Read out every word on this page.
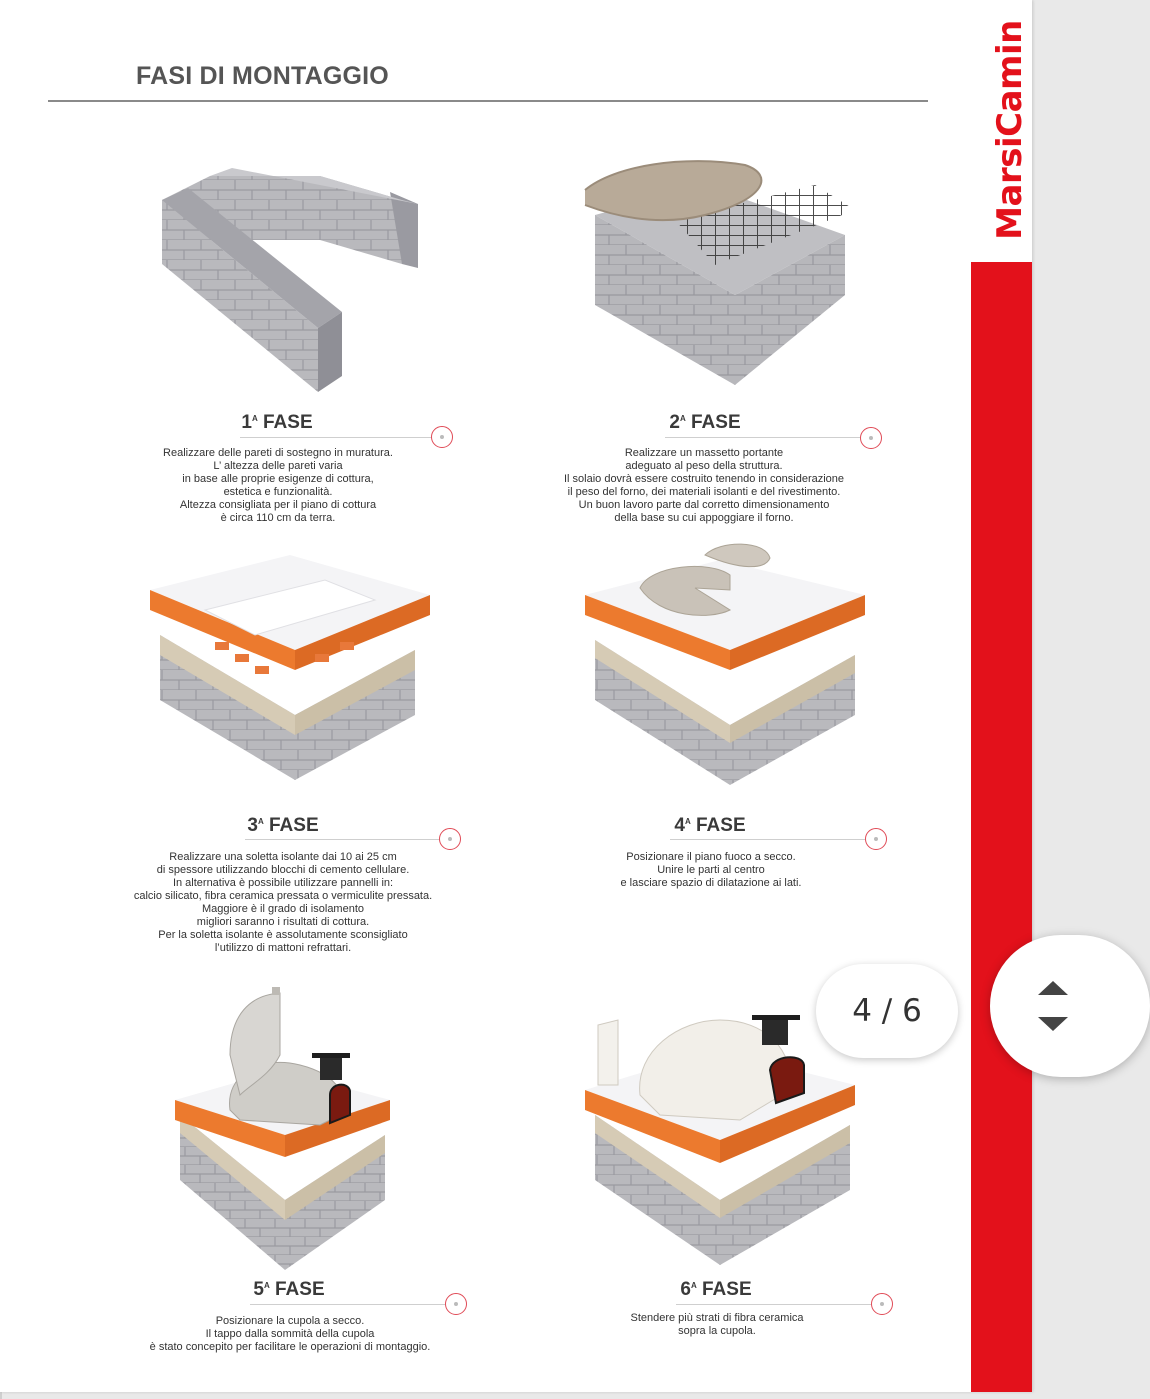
FASI DI MONTAGGIO	MarsiCamin
$1^A$ FASE
Realizzare delle pareti di sostegno in muratura.
L’ altezza delle pareti varia
in base alle proprie esigenze di cottura,
estetica e funzionalità.
Altezza consigliata per il piano di cottura
è circa 110 cm da terra.
$2^A$ FASE
Realizzare un massetto portante
adeguato al peso della struttura.
Il solaio dovrà essere costruito tenendo in considerazione
il peso del forno, dei materiali isolanti e del rivestimento.
Un buon lavoro parte dal corretto dimensionamento
della base su cui appoggiare il forno.
$3^A$ FASE
Realizzare una soletta isolante dai 10 ai 25 cm
di spessore utilizzando blocchi di cemento cellulare.
In alternativa è possibile utilizzare pannelli in:
calcio silicato, fibra ceramica pressata o vermiculite pressata.
Maggiore è il grado di isolamento
migliori saranno i risultati di cottura.
Per la soletta isolante è assolutamente sconsigliato
l’utilizzo di mattoni refrattari.
$4^A$ FASE
Posizionare il piano fuoco a secco.
Unire le parti al centro
e lasciare spazio di dilatazione ai lati.
$5^A$ FASE
Posizionare la cupola a secco.
Il tappo dalla sommità della cupola
è stato concepito per facilitare le operazioni di montaggio.
$6^A$ FASE
Stendere più strati di fibra ceramica
sopra la cupola.
4 / 6
